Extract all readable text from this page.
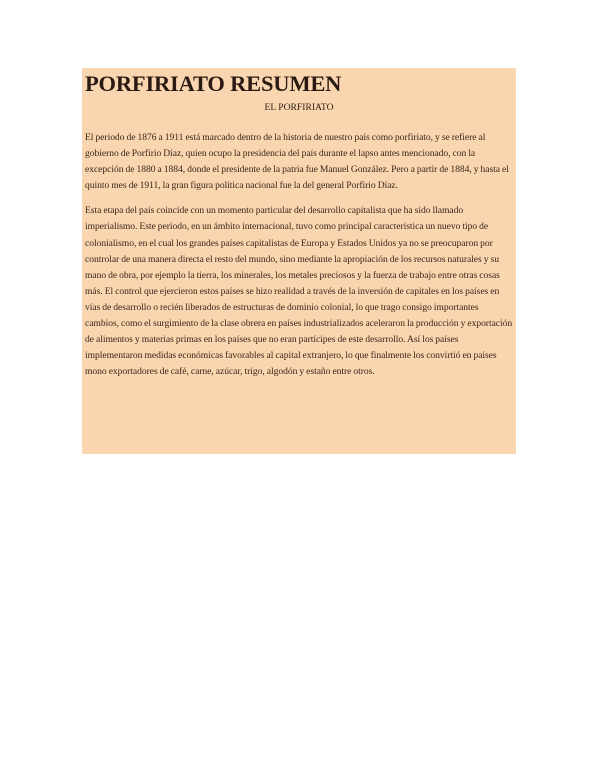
PORFIRIATO RESUMEN
EL PORFIRIATO

El periodo de 1876 a 1911 está marcado dentro de la historia de nuestro país como porfiriato, y se refiere al gobierno de Porfirio Díaz, quien ocupo la presidencia del país durante el lapso antes mencionado, con la excepción de 1880 a 1884, donde el presidente de la patria fue Manuel González. Pero a partir de 1884, y hasta el quinto mes de 1911, la gran figura política nacional fue la del general Porfirio Díaz.

Esta etapa del país coincide con un momento particular del desarrollo capitalista que ha sido llamado imperialismo. Este periodo, en un ámbito internacional, tuvo como principal característica un nuevo tipo de colonialismo, en el cual los grandes países capitalistas de Europa y Estados Unidos ya no se preocuparon por controlar de una manera directa el resto del mundo, sino mediante la apropiación de los recursos naturales y su mano de obra, por ejemplo la tierra, los minerales, los metales preciosos y la fuerza de trabajo entre otras cosas más. El control que ejercieron estos países se hizo realidad a través de la inversión de capitales en los países en vías de desarrollo o recién liberados de estructuras de dominio colonial, lo que trago consigo importantes cambios, como el surgimiento de la clase obrera en países industrializados aceleraron la producción y exportación de alimentos y materias primas en los países que no eran partícipes de este desarrollo. Así los países implementaron medidas económicas favorables al capital extranjero, lo que finalmente los convirtió en países mono exportadores de café, carne, azúcar, trigo, algodón y estaño entre otros.
